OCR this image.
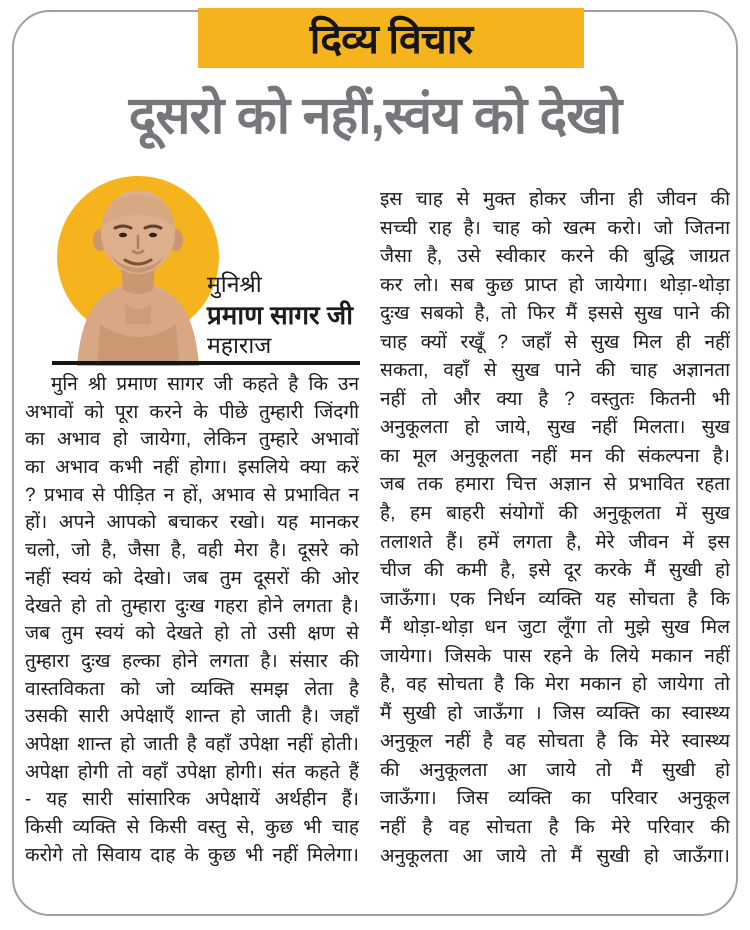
दिव्य विचार
दूसरो को नहीं,स्वंय को देखो
मुनिश्री
प्रमाण सागर जी
महाराज
मुनि श्री प्रमाण सागर जी कहते है कि उन
अभावों को पूरा करने के पीछे तुम्हारी जिंदगी
का अभाव हो जायेगा, लेकिन तुम्हारे अभावों
का अभाव कभी नहीं होगा। इसलिये क्या करें
? प्रभाव से पीड़ित न हों, अभाव से प्रभावित न
हों। अपने आपको बचाकर रखो। यह मानकर
चलो, जो है, जैसा है, वही मेरा है। दूसरे को
नहीं स्वयं को देखो। जब तुम दूसरों की ओर
देखते हो तो तुम्हारा दुःख गहरा होने लगता है।
जब तुम स्वयं को देखते हो तो उसी क्षण से
तुम्हारा दुःख हल्का होने लगता है। संसार की
वास्तविकता को जो व्यक्ति समझ लेता है
उसकी सारी अपेक्षाएँ शान्त हो जाती है। जहाँ
अपेक्षा शान्त हो जाती है वहाँ उपेक्षा नहीं होती।
अपेक्षा होगी तो वहाँ उपेक्षा होगी। संत कहते हैं
- यह सारी सांसारिक अपेक्षायें अर्थहीन हैं।
किसी व्यक्ति से किसी वस्तु से, कुछ भी चाह
करोगे तो सिवाय दाह के कुछ भी नहीं मिलेगा।
इस चाह से मुक्त होकर जीना ही जीवन की
सच्ची राह है। चाह को खत्म करो। जो जितना
जैसा है, उसे स्वीकार करने की बुद्धि जाग्रत
कर लो। सब कुछ प्राप्त हो जायेगा। थोड़ा-थोड़ा
दुःख सबको है, तो फिर मैं इससे सुख पाने की
चाह क्यों रखूँ ? जहाँ से सुख मिल ही नहीं
सकता, वहाँ से सुख पाने की चाह अज्ञानता
नहीं तो और क्या है ? वस्तुतः कितनी भी
अनुकूलता हो जाये, सुख नहीं मिलता। सुख
का मूल अनुकूलता नहीं मन की संकल्पना है।
जब तक हमारा चित्त अज्ञान से प्रभावित रहता
है, हम बाहरी संयोगों की अनुकूलता में सुख
तलाशते हैं। हमें लगता है, मेरे जीवन में इस
चीज की कमी है, इसे दूर करके मैं सुखी हो
जाऊँगा। एक निर्धन व्यक्ति यह सोचता है कि
मैं थोड़ा-थोड़ा धन जुटा लूँगा तो मुझे सुख मिल
जायेगा। जिसके पास रहने के लिये मकान नहीं
है, वह सोचता है कि मेरा मकान हो जायेगा तो
मैं सुखी हो जाऊँगा । जिस व्यक्ति का स्वास्थ्य
अनुकूल नहीं है वह सोचता है कि मेरे स्वास्थ्य
की अनुकूलता आ जाये तो मैं सुखी हो
जाऊँगा। जिस व्यक्ति का परिवार अनुकूल
नहीं है वह सोचता है कि मेरे परिवार की
अनुकूलता आ जाये तो मैं सुखी हो जाऊँगा।
